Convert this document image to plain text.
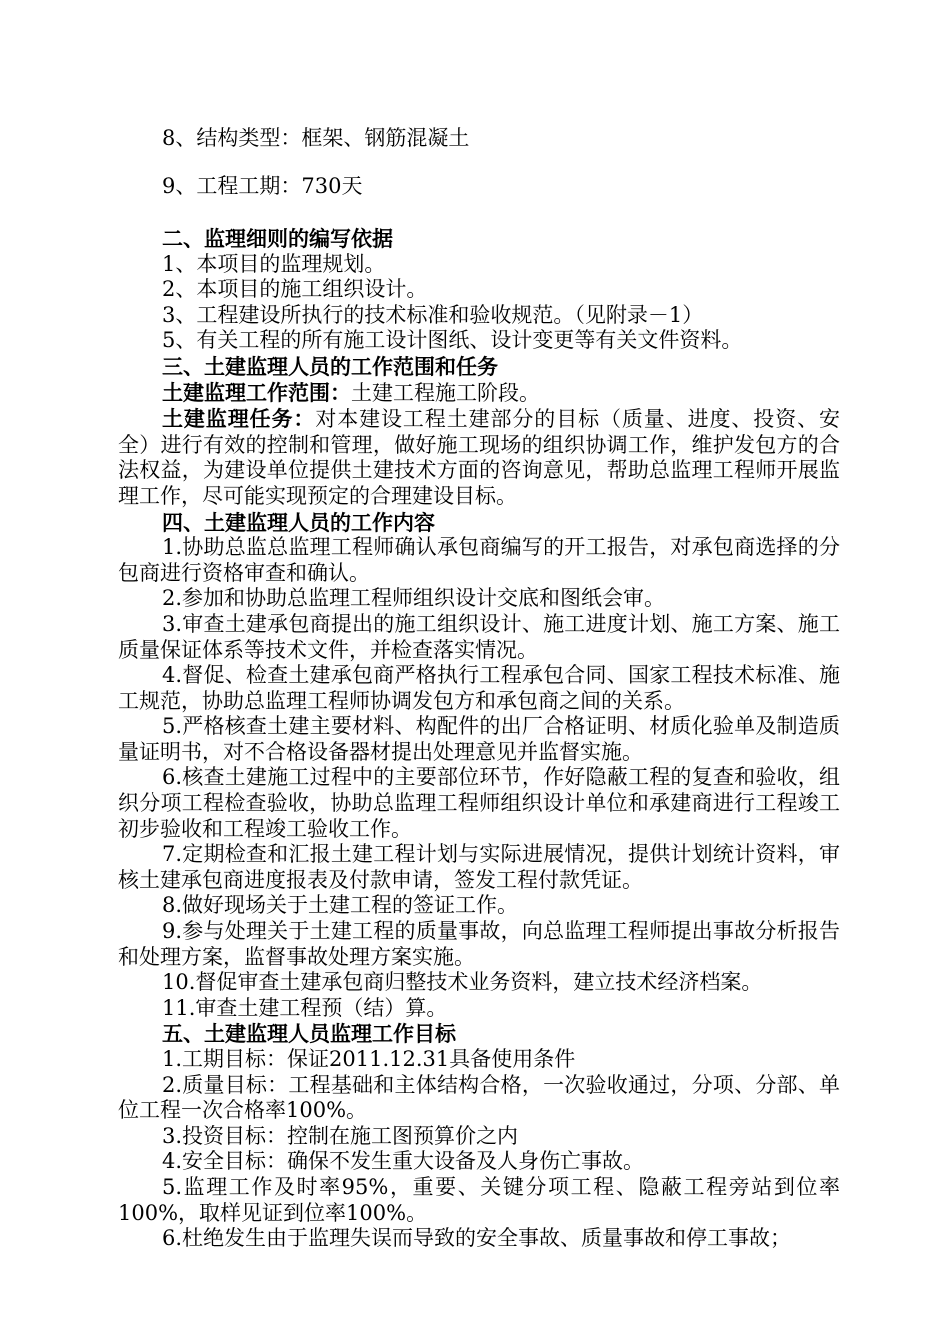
8、结构类型：框架、钢筋混凝土
9、工程工期：730天

二、监理细则的编写依据

1、本项目的监理规划。

2、本项目的施工组织设计。

3、工程建设所执行的技术标准和验收规范。（见附录－1）

5、有关工程的所有施工设计图纸、设计变更等有关文件资料。

三、土建监理人员的工作范围和任务

土建监理工作范围：土建工程施工阶段。

土建监理任务：对本建设工程土建部分的目标（质量、进度、投资、安全）进行有效的控制和管理，做好施工现场的组织协调工作，维护发包方的合法权益，为建设单位提供土建技术方面的咨询意见，帮助总监理工程师开展监理工作，尽可能实现预定的合理建设目标。

四、土建监理人员的工作内容

1.协助总监总监理工程师确认承包商编写的开工报告，对承包商选择的分包商进行资格审查和确认。

2.参加和协助总监理工程师组织设计交底和图纸会审。

3.审查土建承包商提出的施工组织设计、施工进度计划、施工方案、施工质量保证体系等技术文件，并检查落实情况。

4.督促、检查土建承包商严格执行工程承包合同、国家工程技术标准、施工规范，协助总监理工程师协调发包方和承包商之间的关系。

5.严格核查土建主要材料、构配件的出厂合格证明、材质化验单及制造质量证明书，对不合格设备器材提出处理意见并监督实施。

6.核查土建施工过程中的主要部位环节，作好隐蔽工程的复查和验收，组织分项工程检查验收，协助总监理工程师组织设计单位和承建商进行工程竣工初步验收和工程竣工验收工作。

7.定期检查和汇报土建工程计划与实际进展情况，提供计划统计资料，审核土建承包商进度报表及付款申请，签发工程付款凭证。

8.做好现场关于土建工程的签证工作。

9.参与处理关于土建工程的质量事故，向总监理工程师提出事故分析报告和处理方案，监督事故处理方案实施。

10.督促审查土建承包商归整技术业务资料，建立技术经济档案。

11.审查土建工程预（结）算。

五、土建监理人员监理工作目标

1.工期目标：保证2011.12.31具备使用条件

2.质量目标：工程基础和主体结构合格，一次验收通过，分项、分部、单位工程一次合格率100%。

3.投资目标：控制在施工图预算价之内

4.安全目标：确保不发生重大设备及人身伤亡事故。

5.监理工作及时率95%，重要、关键分项工程、隐蔽工程旁站到位率100%，取样见证到位率100%。

6.杜绝发生由于监理失误而导致的安全事故、质量事故和停工事故；
